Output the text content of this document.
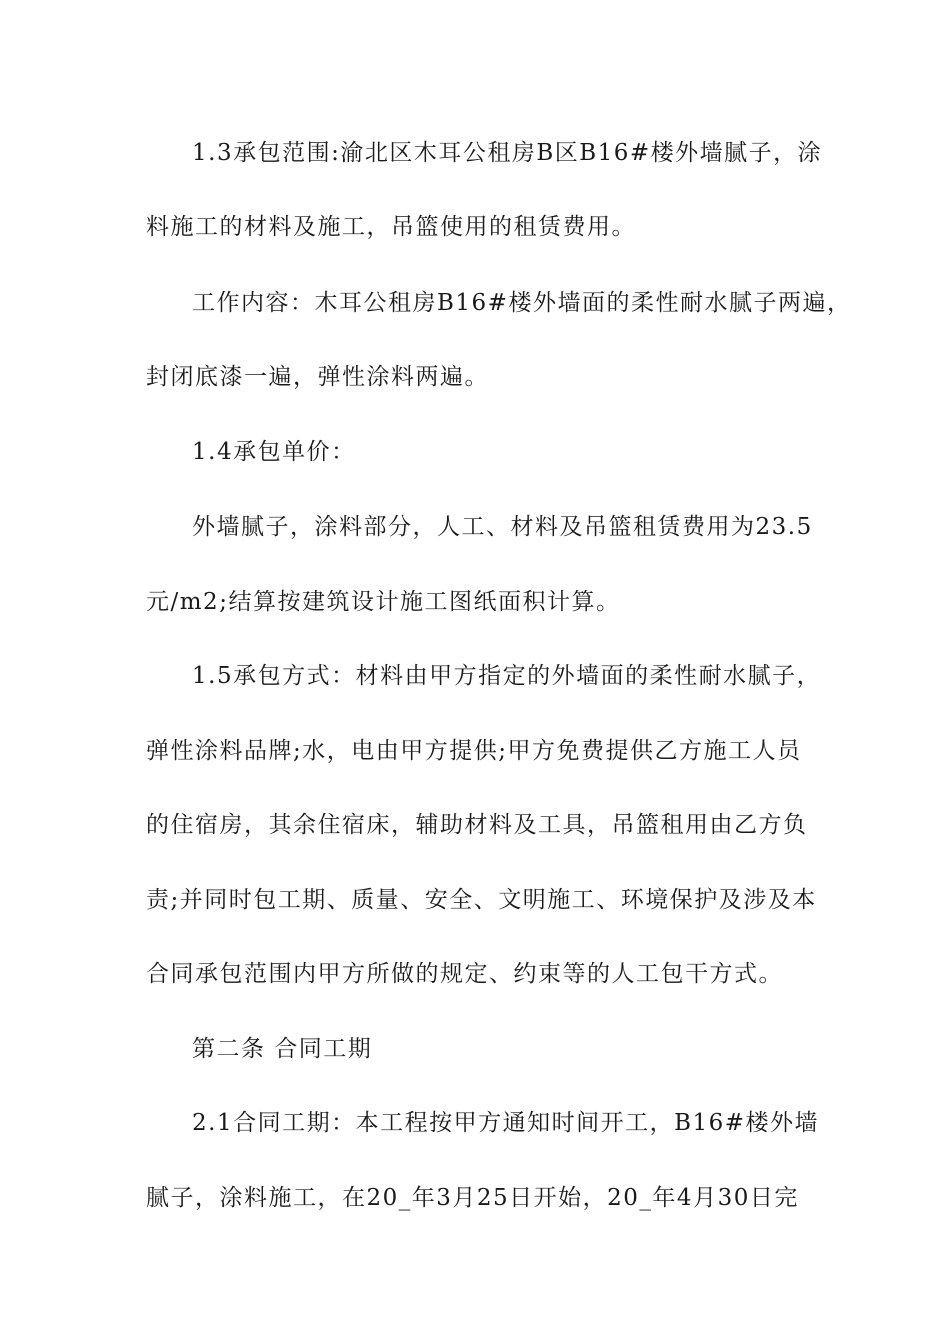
1.3承包范围:渝北区木耳公租房B区B16#楼外墙腻子，涂
料施工的材料及施工，吊篮使用的租赁费用。
工作内容：木耳公租房B16#楼外墙面的柔性耐水腻子两遍，
封闭底漆一遍，弹性涂料两遍。
1.4承包单价：
外墙腻子，涂料部分，人工、材料及吊篮租赁费用为23.5
元/m2;结算按建筑设计施工图纸面积计算。
1.5承包方式：材料由甲方指定的外墙面的柔性耐水腻子，
弹性涂料品牌;水，电由甲方提供;甲方免费提供乙方施工人员
的住宿房，其余住宿床，辅助材料及工具，吊篮租用由乙方负
责;并同时包工期、质量、安全、文明施工、环境保护及涉及本
合同承包范围内甲方所做的规定、约束等的人工包干方式。
第二条 合同工期
2.1合同工期：本工程按甲方通知时间开工，B16#楼外墙
腻子，涂料施工，在20_年3月25日开始，20_年4月30日完
